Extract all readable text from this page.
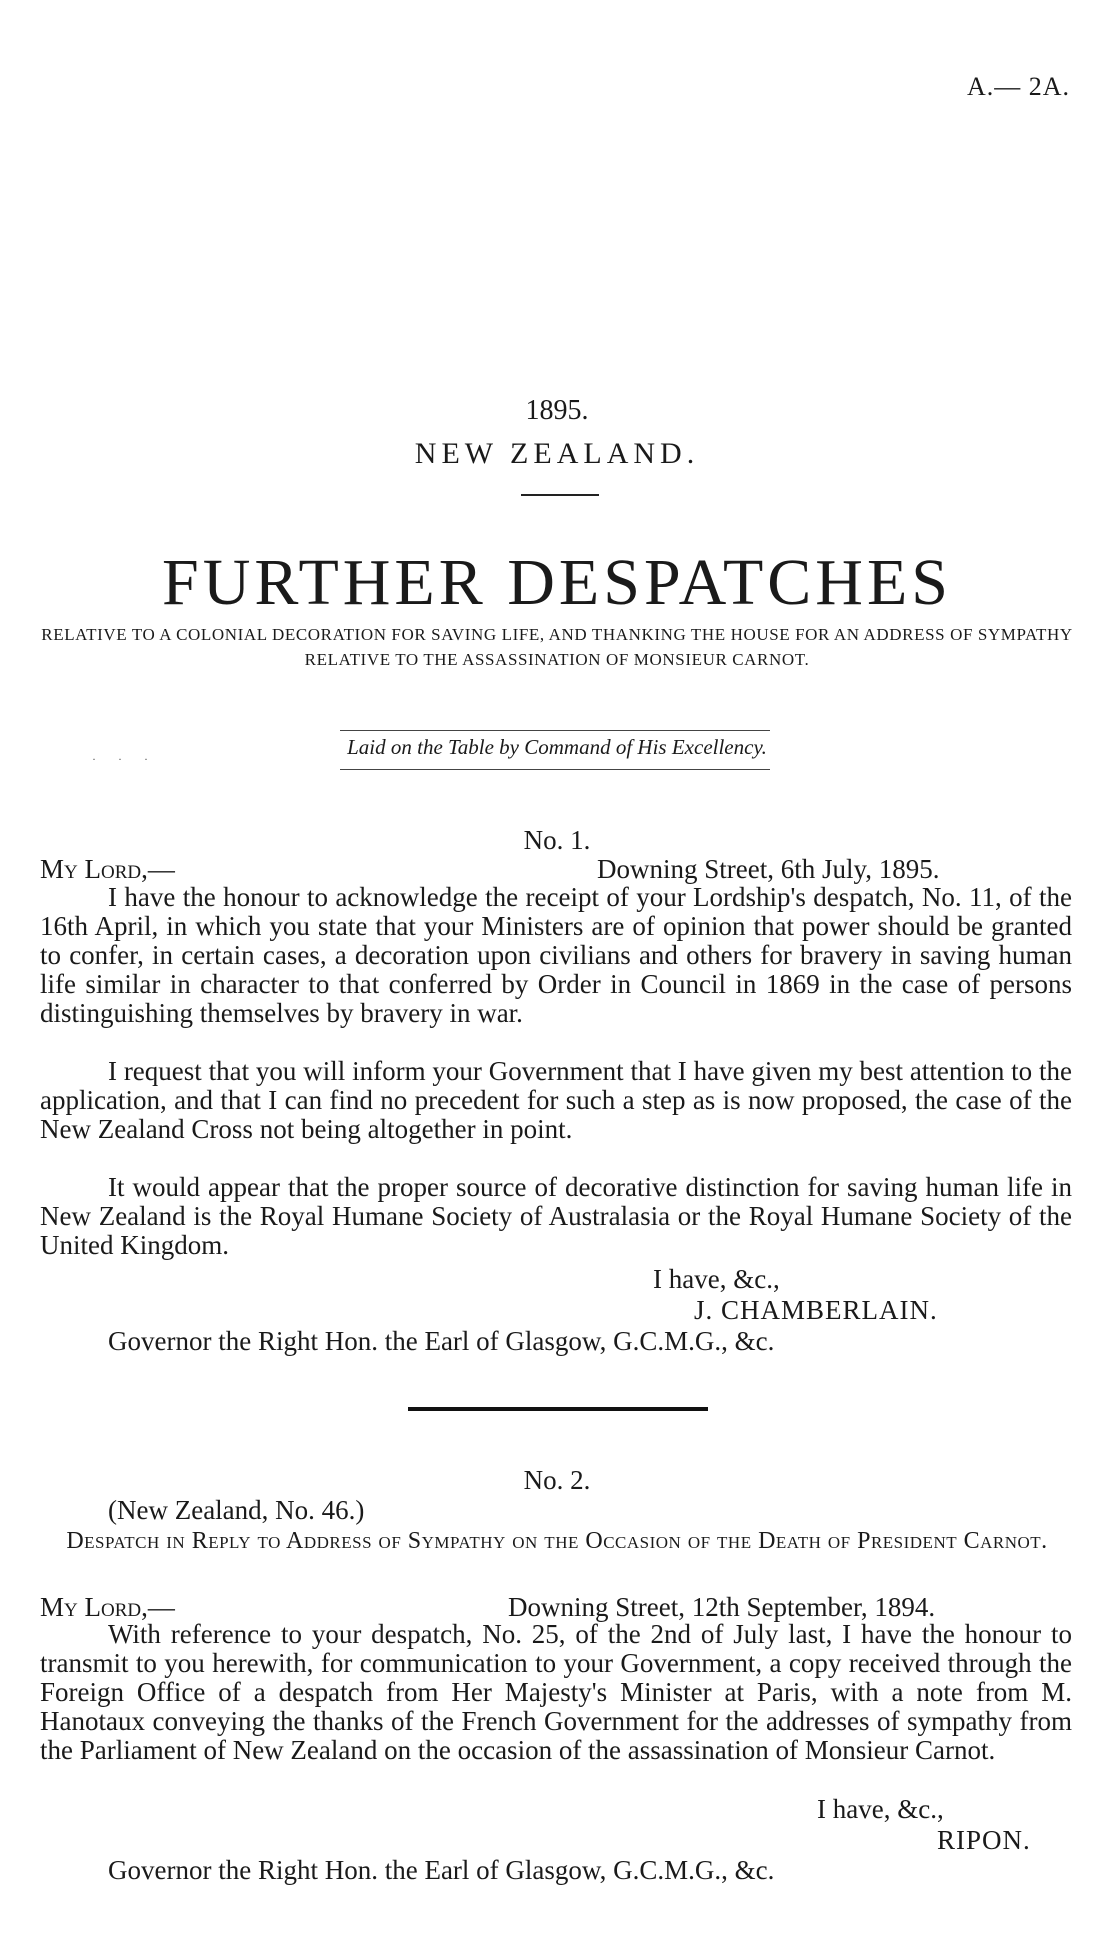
A.— 2A.
1895.
NEW ZEALAND.
FURTHER DESPATCHES
RELATIVE TO A COLONIAL DECORATION FOR SAVING LIFE, AND THANKING THE HOUSE FOR AN ADDRESS OF SYMPATHY RELATIVE TO THE ASSASSINATION OF MONSIEUR CARNOT.
···	Laid on the Table by Command of His Excellency.
No. 1.
My Lord,—	Downing Street, 6th July, 1895.

I have the honour to acknowledge the receipt of your Lordship's despatch, No. 11, of the 16th April, in which you state that your Ministers are of opinion that power should be granted to confer, in certain cases, a decoration upon civilians and others for bravery in saving human life similar in character to that conferred by Order in Council in 1869 in the case of persons distinguishing themselves by bravery in war.

I request that you will inform your Government that I have given my best attention to the application, and that I can find no precedent for such a step as is now proposed, the case of the New Zealand Cross not being altogether in point.

It would appear that the proper source of decorative distinction for saving human life in New Zealand is the Royal Humane Society of Australasia or the Royal Humane Society of the United Kingdom.

I have, &c.,
J. CHAMBERLAIN.
Governor the Right Hon. the Earl of Glasgow, G.C.M.G., &c.
No. 2.
(New Zealand, No. 46.)
Despatch in Reply to Address of Sympathy on the Occasion of the Death of President Carnot.
My Lord,—	Downing Street, 12th September, 1894.

With reference to your despatch, No. 25, of the 2nd of July last, I have the honour to transmit to you herewith, for communication to your Government, a copy received through the Foreign Office of a despatch from Her Majesty's Minister at Paris, with a note from M. Hanotaux conveying the thanks of the French Government for the addresses of sympathy from the Parliament of New Zealand on the occasion of the assassination of Monsieur Carnot.

I have, &c.,
RIPON.
Governor the Right Hon. the Earl of Glasgow, G.C.M.G., &c.
